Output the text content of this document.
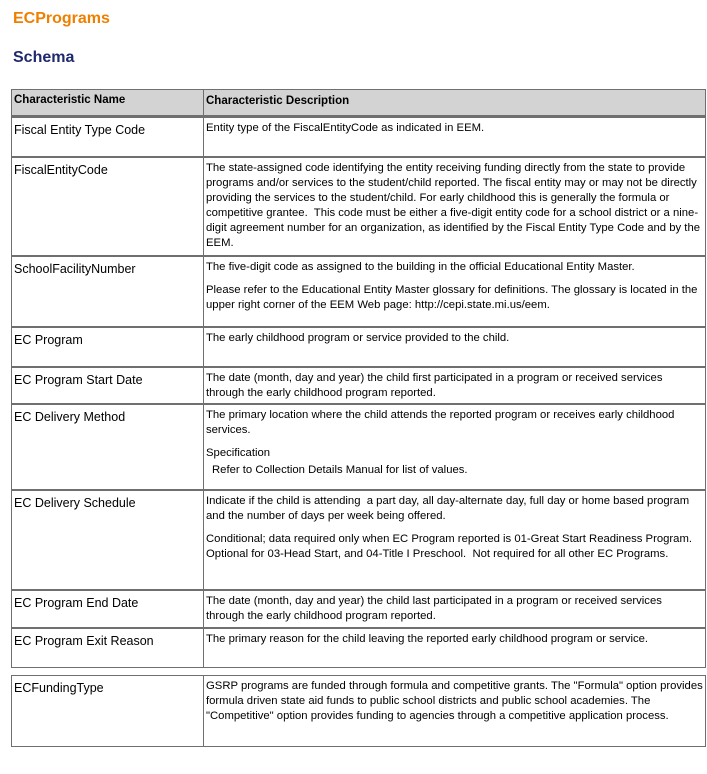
ECPrograms
Schema
Characteristic Name	Characteristic Description
Fiscal Entity Type Code	Entity type of the FiscalEntityCode as indicated in EEM.

FiscalEntityCode	The state-assigned code identifying the entity receiving funding directly from the state to provide programs and/or services to the student/child reported. The fiscal entity may or may not be directly providing the services to the student/child. For early childhood this is generally the formula or competitive grantee.  This code must be either a five-digit entity code for a school district or a nine-digit agreement number for an organization, as identified by the Fiscal Entity Type Code and by the EEM.

SchoolFacilityNumber	The five-digit code as assigned to the building in the official Educational Entity Master.

Please refer to the Educational Entity Master glossary for definitions. The glossary is located in the upper right corner of the EEM Web page: http://cepi.state.mi.us/eem.

EC Program	The early childhood program or service provided to the child.

EC Program Start Date	The date (month, day and year) the child first participated in a program or received services through the early childhood program reported.

EC Delivery Method	The primary location where the child attends the reported program or receives early childhood services.

Specification

Refer to Collection Details Manual for list of values.

EC Delivery Schedule	Indicate if the child is attending  a part day, all day-alternate day, full day or home based program and the number of days per week being offered.

Conditional; data required only when EC Program reported is 01-Great Start Readiness Program.  Optional for 03-Head Start, and 04-Title I Preschool.  Not required for all other EC Programs.

EC Program End Date	The date (month, day and year) the child last participated in a program or received services through the early childhood program reported.

EC Program Exit Reason	The primary reason for the child leaving the reported early childhood program or service.

ECFundingType	GSRP programs are funded through formula and competitive grants. The "Formula" option provides formula driven state aid funds to public school districts and public school academies. The "Competitive" option provides funding to agencies through a competitive application process.
